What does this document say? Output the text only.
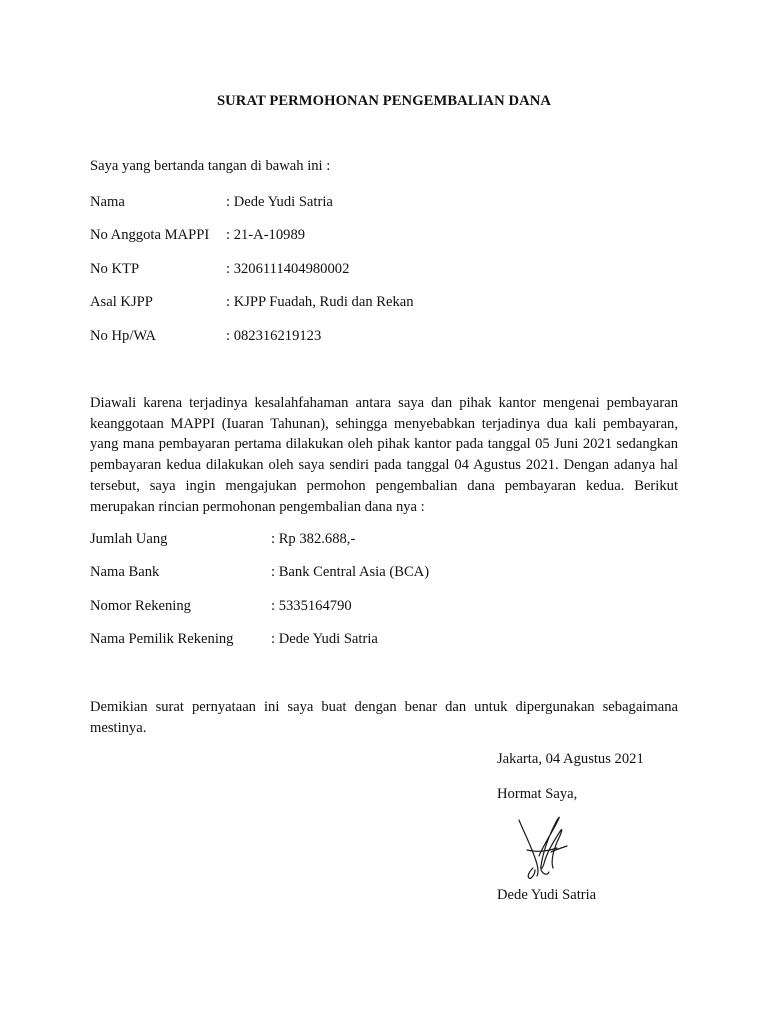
SURAT PERMOHONAN PENGEMBALIAN DANA
Saya yang bertanda tangan di bawah ini :
Nama	: Dede Yudi Satria
No Anggota MAPPI : 21-A-10989
No KTP	: 3206111404980002
Asal KJPP	: KJPP Fuadah, Rudi dan Rekan
No Hp/WA	: 082316219123
Diawali karena terjadinya kesalahfahaman antara saya dan pihak kantor mengenai pembayaran keanggotaan MAPPI (Iuaran Tahunan), sehingga menyebabkan terjadinya dua kali pembayaran, yang mana pembayaran pertama dilakukan oleh pihak kantor pada tanggal 05 Juni 2021 sedangkan pembayaran kedua dilakukan oleh saya sendiri pada tanggal 04 Agustus 2021. Dengan adanya hal tersebut, saya ingin mengajukan permohon pengembalian dana pembayaran kedua. Berikut merupakan rincian permohonan pengembalian dana nya :
Jumlah Uang	: Rp 382.688,-
Nama Bank	: Bank Central Asia (BCA)
Nomor Rekening	: 5335164790
Nama Pemilik Rekening	: Dede Yudi Satria
Demikian surat pernyataan ini saya buat dengan benar dan untuk dipergunakan sebagaimana mestinya.
Jakarta, 04 Agustus 2021
Hormat Saya,
Dede Yudi Satria
